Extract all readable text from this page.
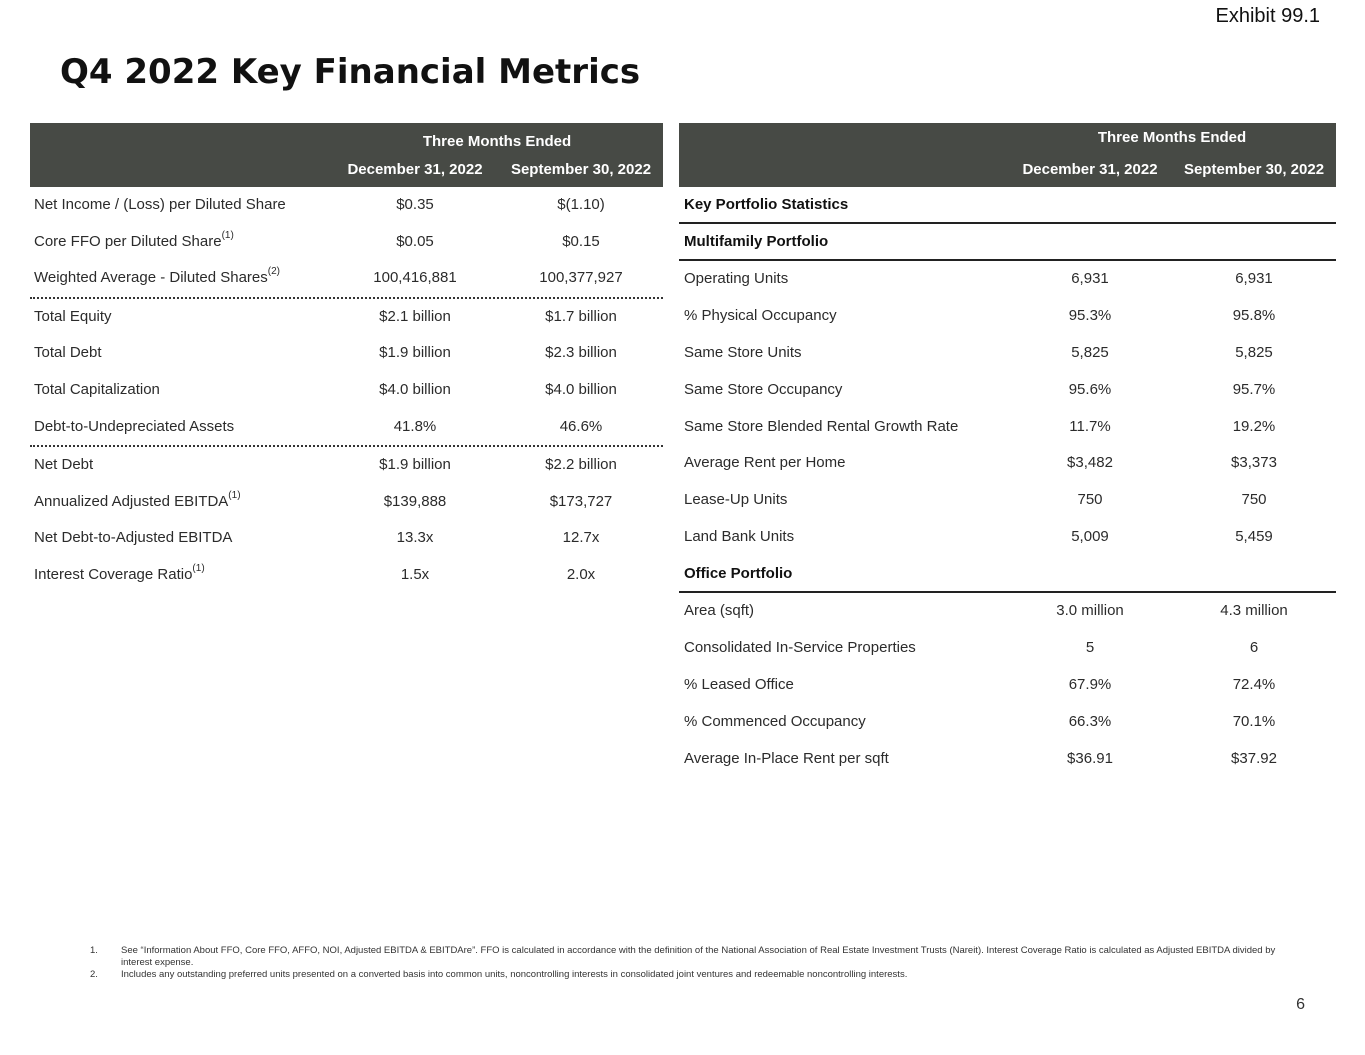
Exhibit 99.1
Q4 2022 Key Financial Metrics
Three Months Ended
December 31, 2022	September 30, 2022
Net Income / (Loss) per Diluted Share	$0.35	$(1.10)
Core FFO per Diluted Share$^{(1)}$	$0.05	$0.15
Weighted Average - Diluted Shares$^{(2)}$	100,416,881	100,377,927
Total Equity	$2.1 billion	$1.7 billion
Total Debt	$1.9 billion	$2.3 billion
Total Capitalization	$4.0 billion	$4.0 billion
Debt-to-Undepreciated Assets	41.8%	46.6%
Net Debt	$1.9 billion	$2.2 billion
Annualized Adjusted EBITDA$^{(1)}$	$139,888	$173,727
Net Debt-to-Adjusted EBITDA	13.3x	12.7x
Interest Coverage Ratio$^{(1)}$	1.5x	2.0x
Three Months Ended
December 31, 2022	September 30, 2022
Key Portfolio Statistics
Multifamily Portfolio
Operating Units	6,931	6,931
% Physical Occupancy	95.3%	95.8%
Same Store Units	5,825	5,825
Same Store Occupancy	95.6%	95.7%
Same Store Blended Rental Growth Rate	11.7%	19.2%
Average Rent per Home	$3,482	$3,373
Lease-Up Units	750	750
Land Bank Units	5,009	5,459
Office Portfolio
Area (sqft)	3.0 million	4.3 million
Consolidated In-Service Properties	5	6
% Leased Office	67.9%	72.4%
% Commenced Occupancy	66.3%	70.1%
Average In-Place Rent per sqft	$36.91	$37.92
1. See “Information About FFO, Core FFO, AFFO, NOI, Adjusted EBITDA & EBITDAre”. FFO is calculated in accordance with the definition of the National Association of Real Estate Investment Trusts (Nareit). Interest Coverage Ratio is calculated as Adjusted EBITDA divided by interest expense.
2. Includes any outstanding preferred units presented on a converted basis into common units, noncontrolling interests in consolidated joint ventures and redeemable noncontrolling interests.
6
